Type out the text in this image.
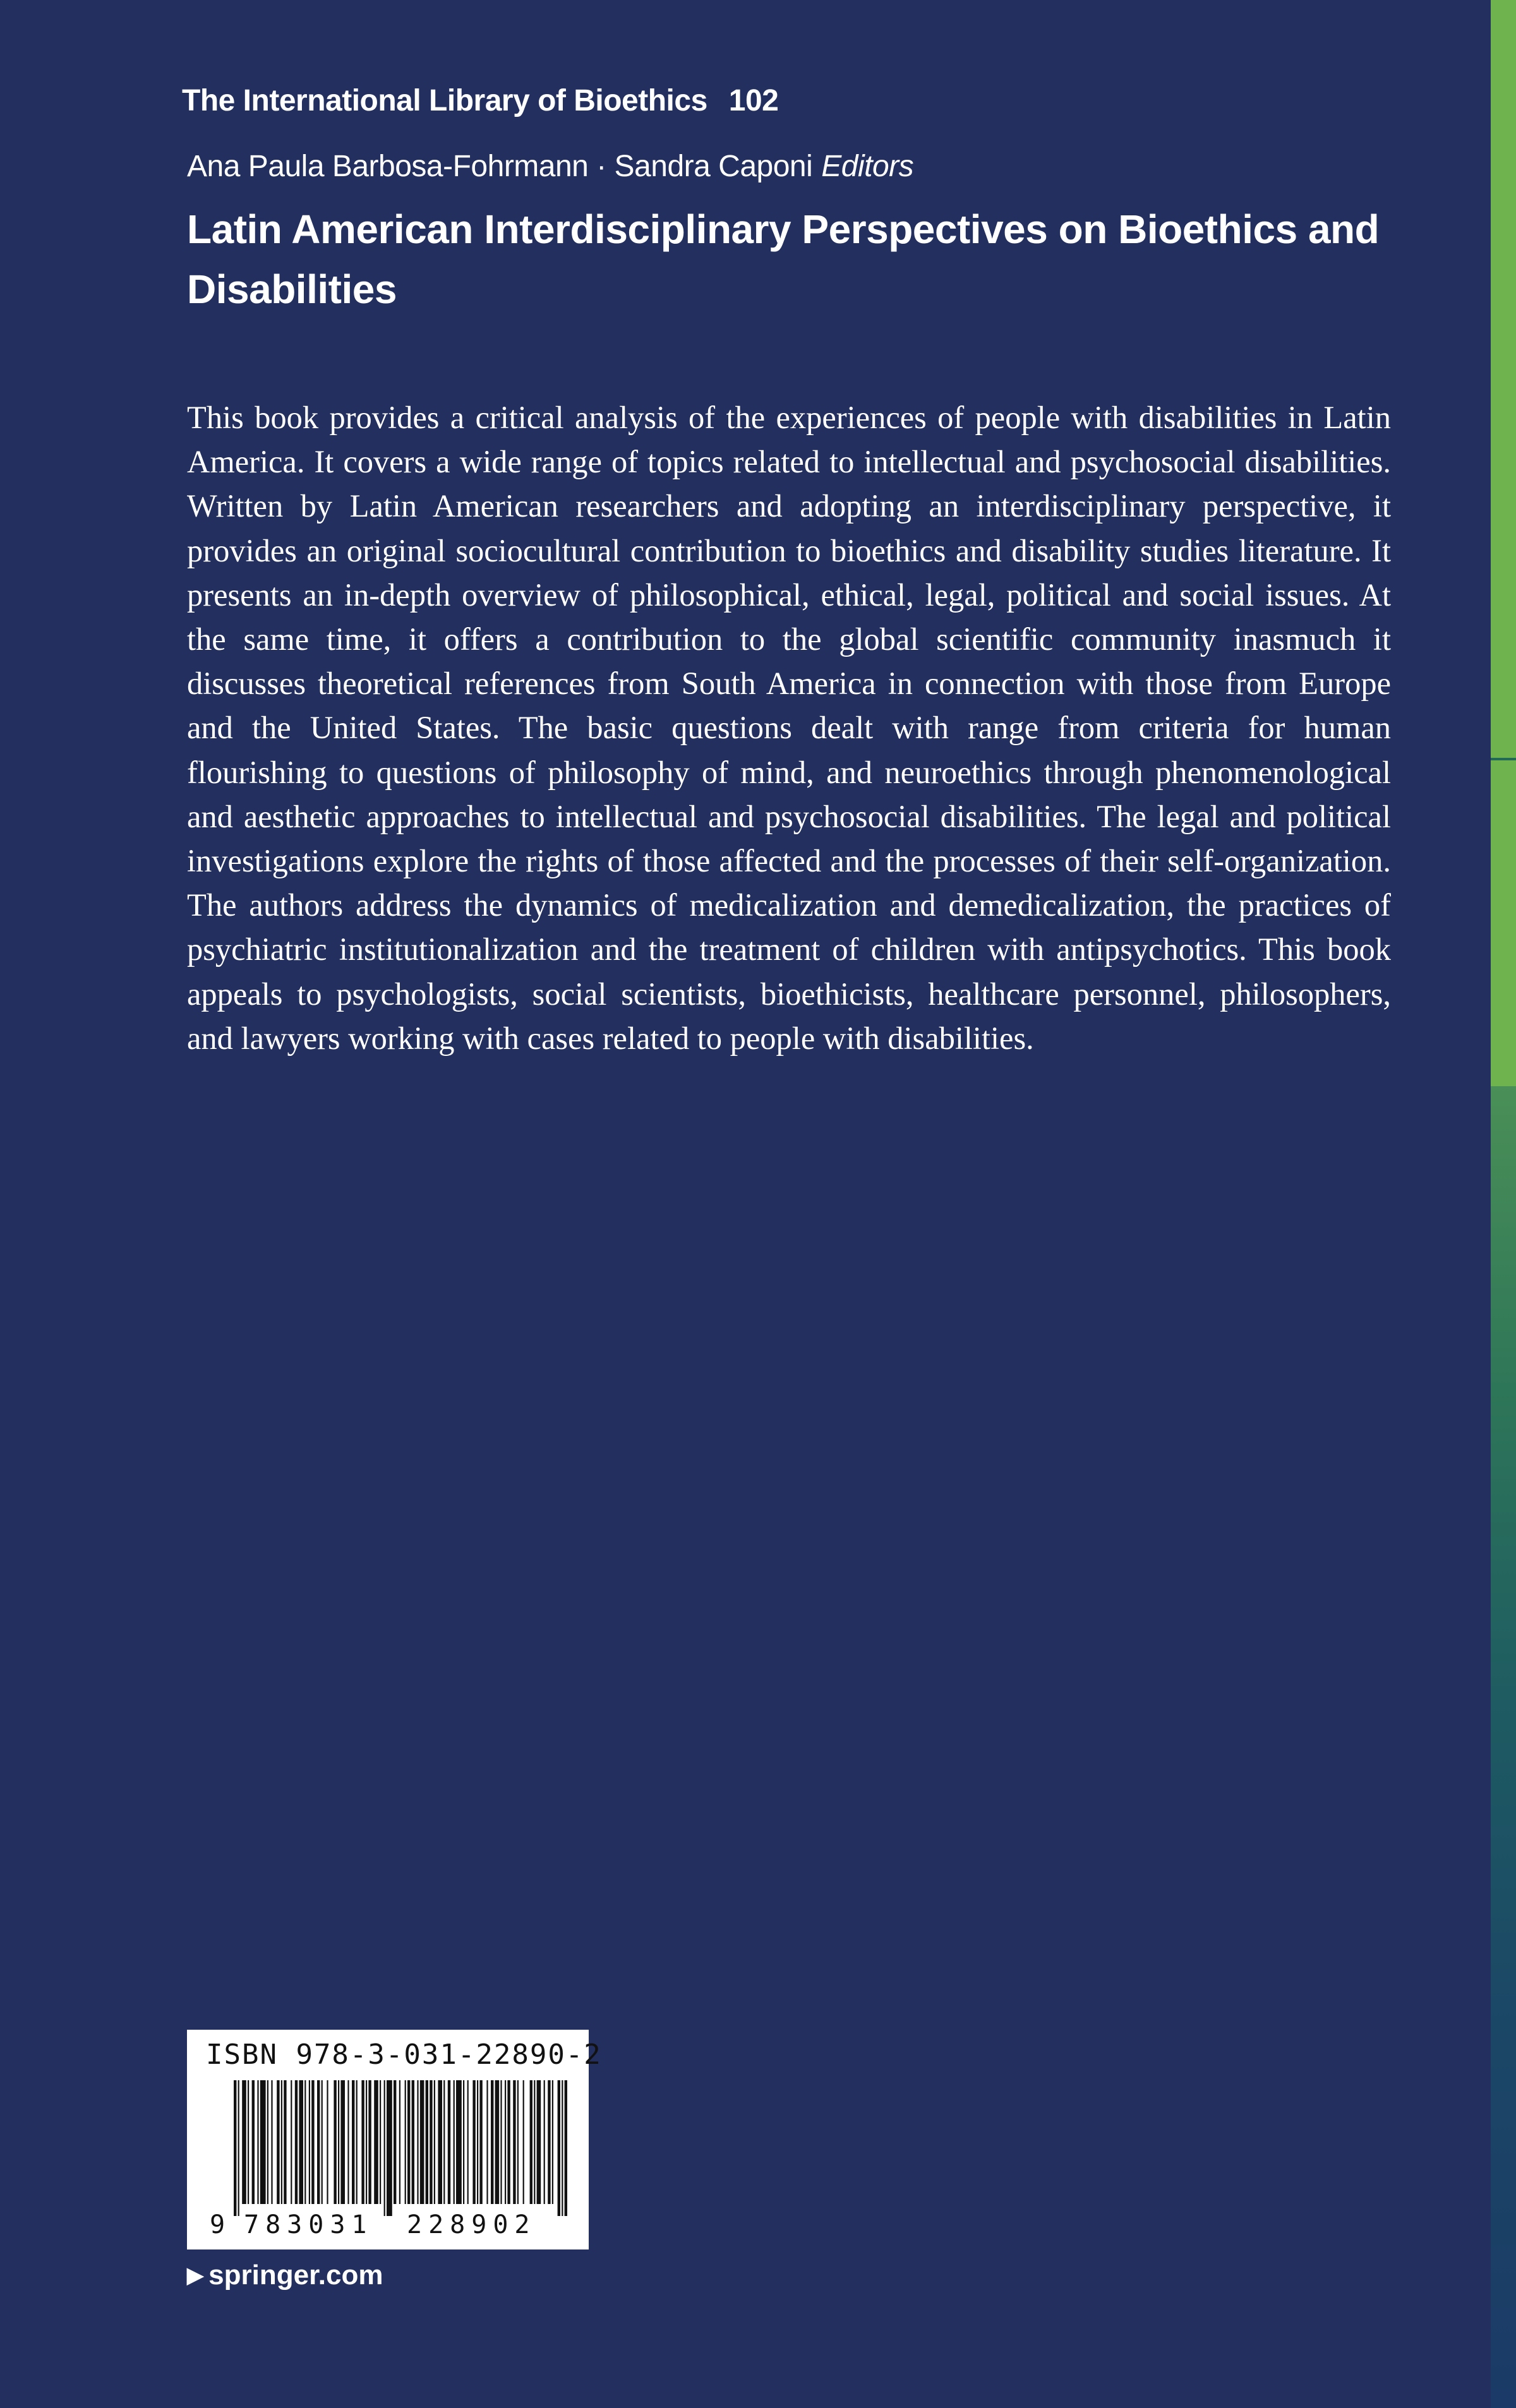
The International Library of Bioethics 102
Ana Paula Barbosa-Fohrmann · Sandra Caponi Editors
Latin American Interdisciplinary Perspectives on Bioethics and Disabilities
This book provides a critical analysis of the experiences of people with disabilities in Latin America. It covers a wide range of topics related to intellectual and psychosocial disabilities. Written by Latin American researchers and adopting an interdisciplinary perspective, it provides an original sociocultural contribution to bioethics and disability studies literature. It presents an in-depth overview of philosophical, ethical, legal, political and social issues. At the same time, it offers a contribution to the global scientific community inasmuch it discusses theoretical references from South America in connection with those from Europe and the United States. The basic questions dealt with range from criteria for human flourishing to questions of philosophy of mind, and neuroethics through phenomenological and aesthetic approaches to intellectual and psychosocial disabilities. The legal and political investigations explore the rights of those affected and the processes of their self-organization. The authors address the dynamics of medicalization and demedicalization, the practices of psychiatric institutionalization and the treatment of children with antipsychotics. This book appeals to psychologists, social scientists, bioethicists, healthcare personnel, philosophers, and lawyers working with cases related to people with disabilities.
ISBN 978-3-031-22890-2
9 783031 228902
▶ springer.com
